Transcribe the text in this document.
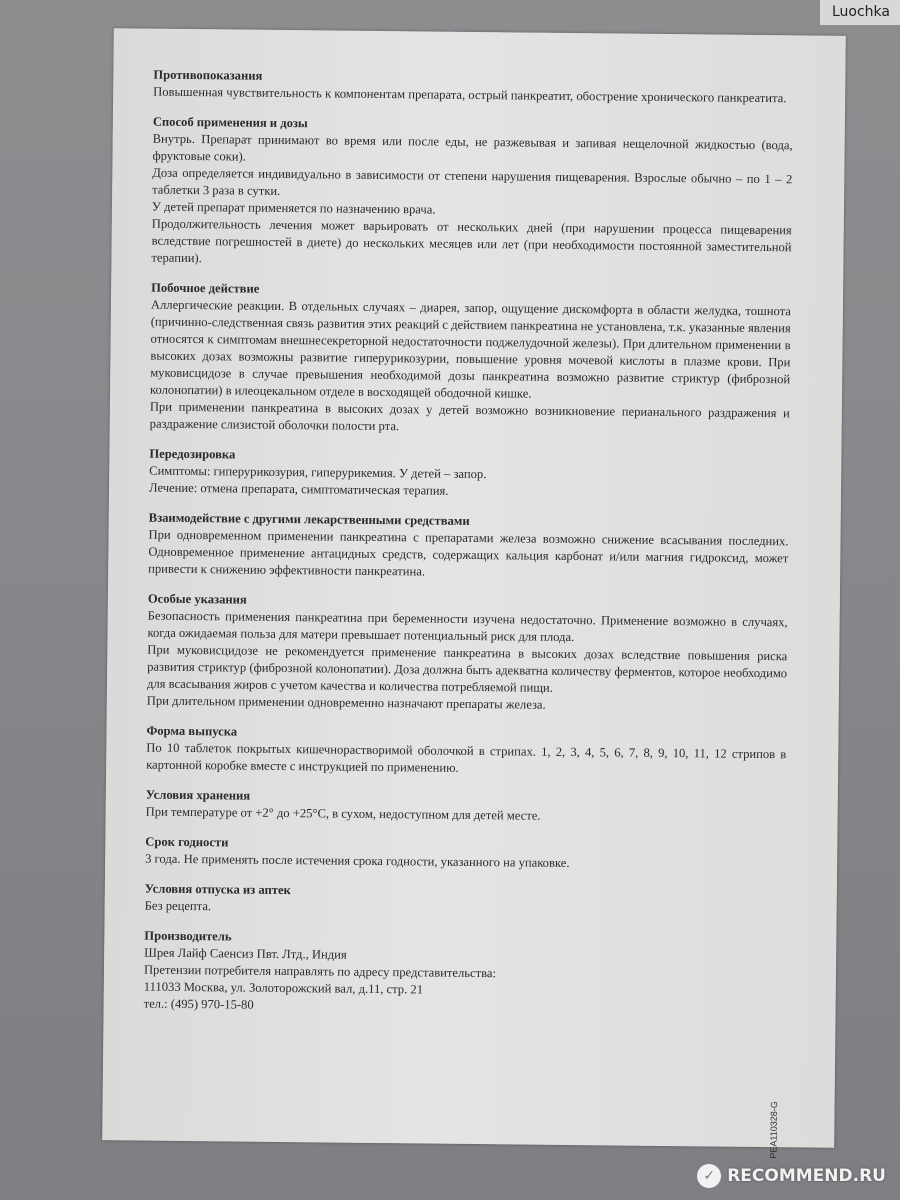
Luochka
Противопоказания

Повышенная чувствительность к компонентам препарата, острый панкреатит, обострение хронического панкреатита.

Способ применения и дозы

Внутрь. Препарат принимают во время или после еды, не разжевывая и запивая нещелочной жидкостью (вода, фруктовые соки).

Доза определяется индивидуально в зависимости от степени нарушения пищеварения. Взрослые обычно – по 1 – 2 таблетки 3 раза в сутки.

У детей препарат применяется по назначению врача.

Продолжительность лечения может варьировать от нескольких дней (при нарушении процесса пищеварения вследствие погрешностей в диете) до нескольких месяцев или лет (при необходимости постоянной заместительной терапии).

Побочное действие

Аллергические реакции. В отдельных случаях – диарея, запор, ощущение дискомфорта в области желудка, тошнота (причинно-следственная связь развития этих реакций с действием панкреатина не установлена, т.к. указанные явления относятся к симптомам внешнесекреторной недостаточности поджелудочной железы). При длительном применении в высоких дозах возможны развитие гиперурикозурии, повышение уровня мочевой кислоты в плазме крови. При муковисцидозе в случае превышения необходимой дозы панкреатина возможно развитие стриктур (фиброзной колонопатии) в илеоцекальном отделе в восходящей ободочной кишке.

При применении панкреатина в высоких дозах у детей возможно возникновение перианального раздражения и раздражение слизистой оболочки полости рта.

Передозировка

Симптомы: гиперурикозурия, гиперурикемия. У детей – запор.

Лечение: отмена препарата, симптоматическая терапия.

Взаимодействие с другими лекарственными средствами

При одновременном применении панкреатина с препаратами железа возможно снижение всасывания последних. Одновременное применение антацидных средств, содержащих кальция карбонат и/или магния гидроксид, может привести к снижению эффективности панкреатина.

Особые указания

Безопасность применения панкреатина при беременности изучена недостаточно. Применение возможно в случаях, когда ожидаемая польза для матери превышает потенциальный риск для плода.

При муковисцидозе не рекомендуется применение панкреатина в высоких дозах вследствие повышения риска развития стриктур (фиброзной колонопатии). Доза должна быть адекватна количеству ферментов, которое необходимо для всасывания жиров с учетом качества и количества потребляемой пищи.

При длительном применении одновременно назначают препараты железа.

Форма выпуска

По 10 таблеток покрытых кишечнорастворимой оболочкой в стрипах. 1, 2, 3, 4, 5, 6, 7, 8, 9, 10, 11, 12 стрипов в картонной коробке вместе с инструкцией по применению.

Условия хранения

При температуре от +2° до +25°С, в сухом, недоступном для детей месте.

Срок годности

3 года. Не применять после истечения срока годности, указанного на упаковке.

Условия отпуска из аптек

Без рецепта.

Производитель

Шрея Лайф Саенсиз Пвт. Лтд., Индия

Претензии потребителя направлять по адресу представительства:

111033 Москва, ул. Золоторожский вал, д.11, стр. 21

тел.: (495) 970-15-80

PEA110328-G
✓ RECOMMEND.RU
